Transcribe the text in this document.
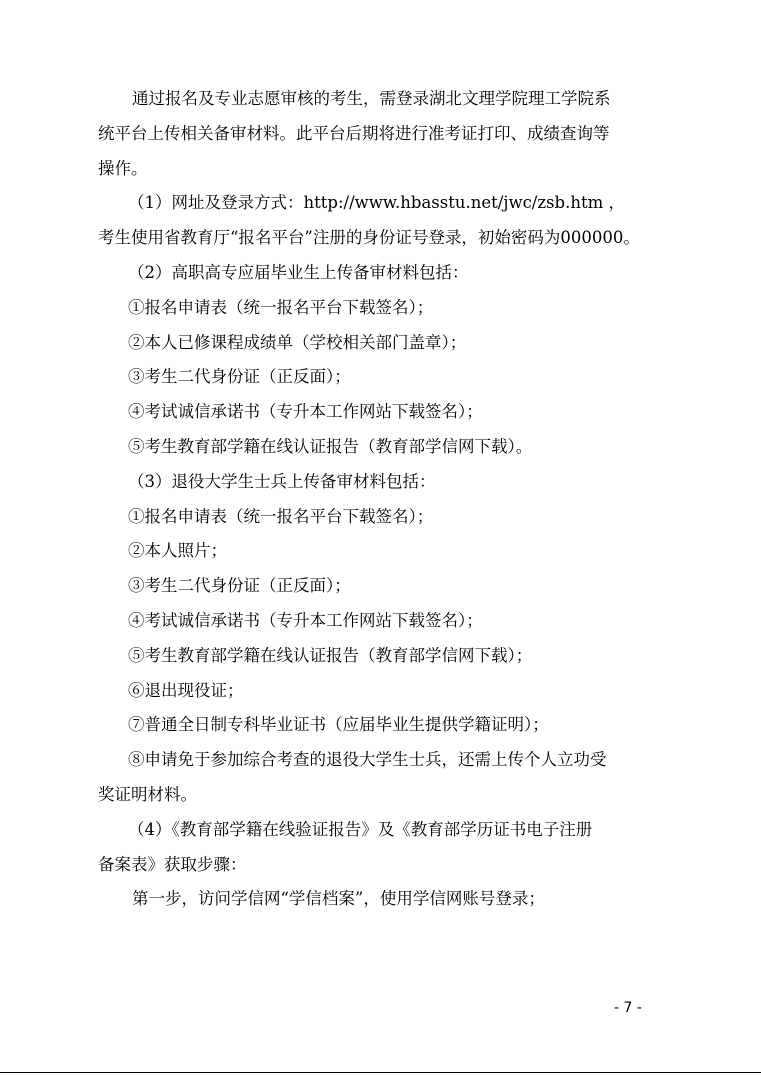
通过报名及专业志愿审核的考生，需登录湖北文理学院理工学院系

统平台上传相关备审材料。此平台后期将进行准考证打印、成绩查询等

操作。

（1）网址及登录方式：http://www.hbasstu.net/jwc/zsb.htm ，

考生使用省教育厅“报名平台”注册的身份证号登录，初始密码为000000。

（2）高职高专应届毕业生上传备审材料包括：

①报名申请表（统一报名平台下载签名）；

②本人已修课程成绩单（学校相关部门盖章）；

③考生二代身份证（正反面）；

④考试诚信承诺书（专升本工作网站下载签名）；

⑤考生教育部学籍在线认证报告（教育部学信网下载）。

（3）退役大学生士兵上传备审材料包括：

①报名申请表（统一报名平台下载签名）；

②本人照片；

③考生二代身份证（正反面）；

④考试诚信承诺书（专升本工作网站下载签名）；

⑤考生教育部学籍在线认证报告（教育部学信网下载）；

⑥退出现役证；

⑦普通全日制专科毕业证书（应届毕业生提供学籍证明）；

⑧申请免于参加综合考查的退役大学生士兵，还需上传个人立功受

奖证明材料。

（4）《教育部学籍在线验证报告》及《教育部学历证书电子注册

备案表》获取步骤：

第一步，访问学信网“学信档案”，使用学信网账号登录；

- 7 -
